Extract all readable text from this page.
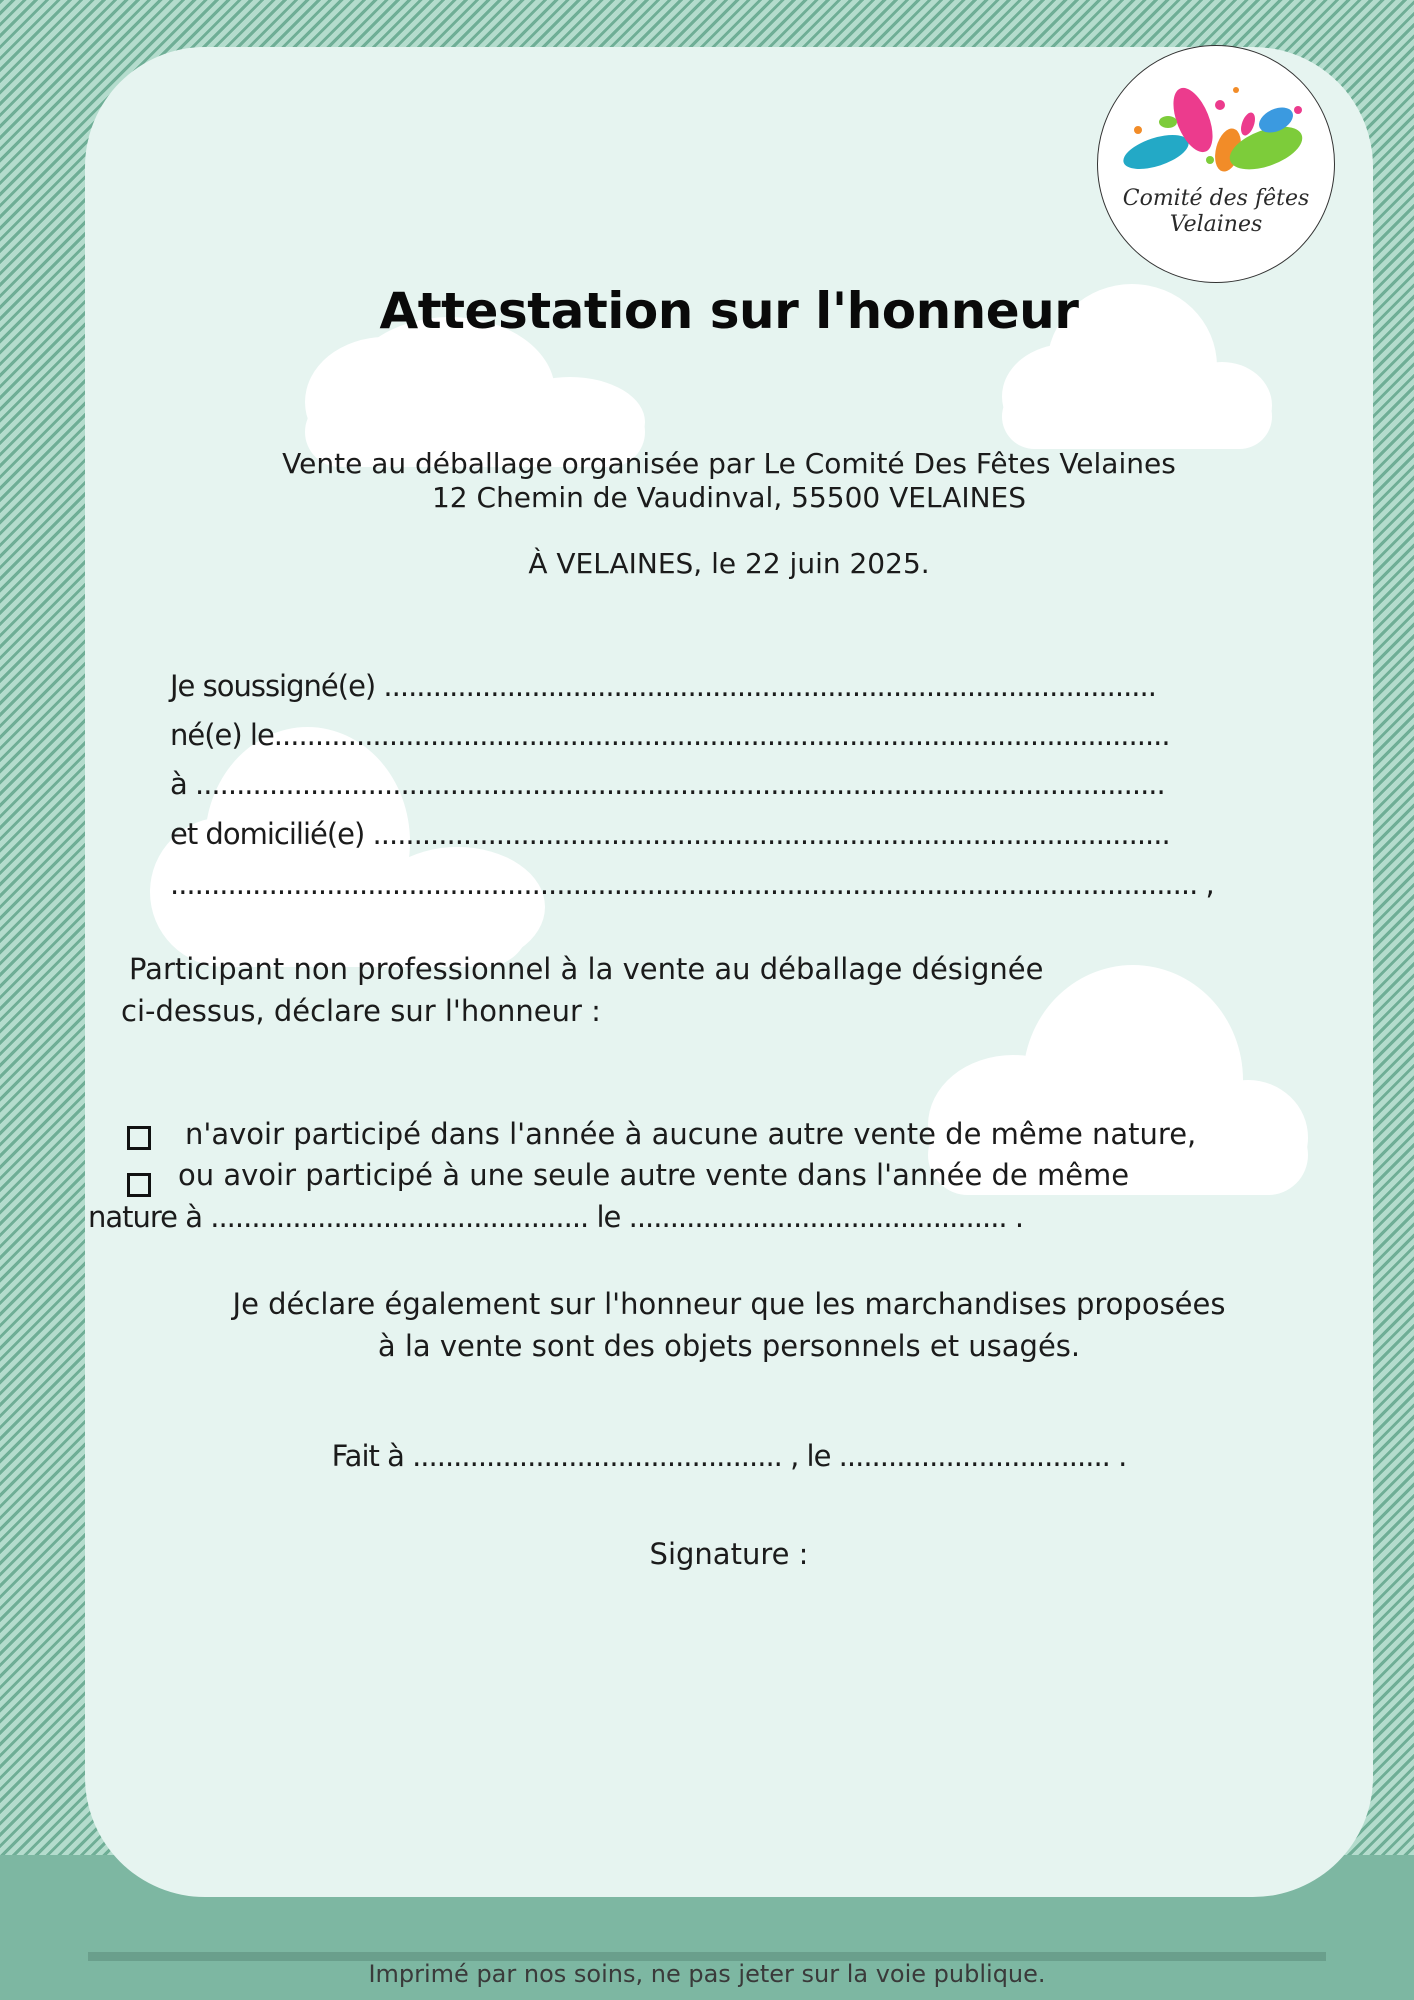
Attestation sur l'honneur
Vente au déballage organisée par Le Comité Des Fêtes Velaines
12 Chemin de Vaudinval, 55500 VELAINES
À VELAINES, le 22 juin 2025.
Je soussigné(e) ..............................................................................................
né(e) le.............................................................................................................
à ......................................................................................................................
et domicilié(e) .................................................................................................
............................................................................................................................. ,
Participant non professionnel à la vente au déballage désignée
ci-dessus, déclare sur l'honneur :
n'avoir participé dans l'année à aucune autre vente de même nature,
ou avoir participé à une seule autre vente dans l'année de même
nature à .............................................. le .............................................. .
Je déclare également sur l'honneur que les marchandises proposées
à la vente sont des objets personnels et usagés.
Fait à ............................................. , le ................................. .
Signature :
Comité des fêtes
Velaines
Imprimé par nos soins, ne pas jeter sur la voie publique.
